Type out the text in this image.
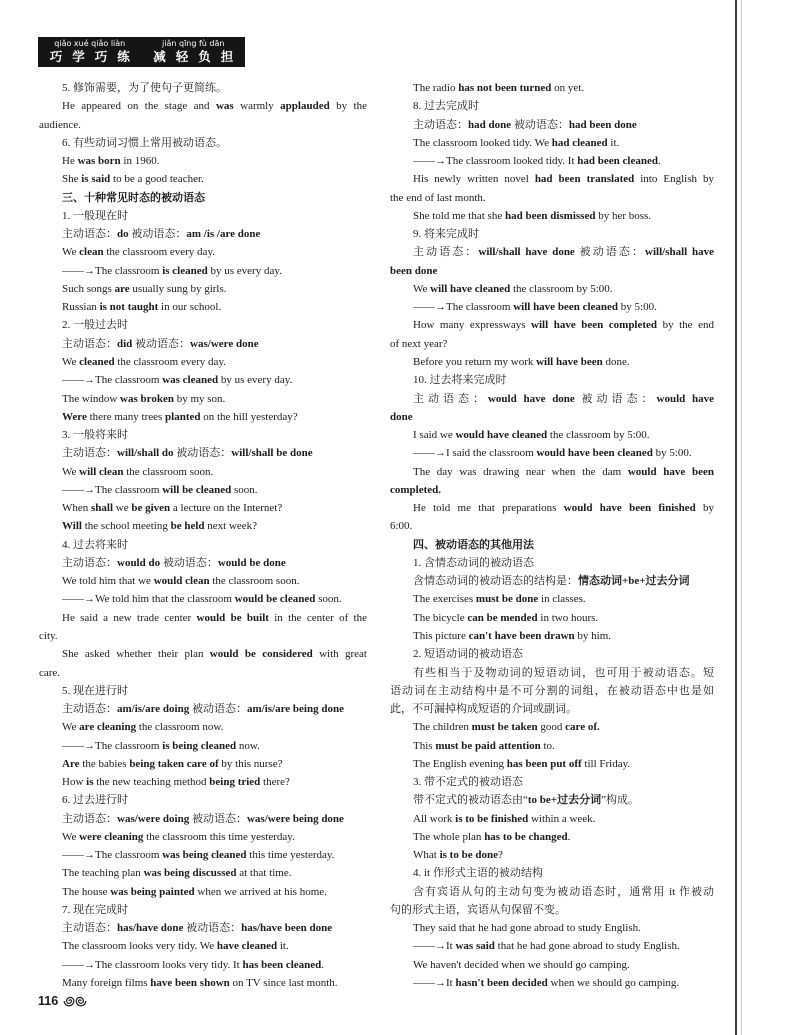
qiǎo xué qiǎo liàn
巧学巧练
jiǎn qīng fù dān
减轻负担
5. 修饰需要，为了使句子更简练。
He appeared on the stage and was warmly applauded by the
audience.
6. 有些动词习惯上常用被动语态。
He was born in 1960.
She is said to be a good teacher.
三、十种常见时态的被动语态
1. 一般现在时
主动语态：do 被动语态：am /is /are done
We clean the classroom every day.
——→The classroom is cleaned by us every day.
Such songs are usually sung by girls.
Russian is not taught in our school.
2. 一般过去时
主动语态：did 被动语态：was/were done
We cleaned the classroom every day.
——→The classroom was cleaned by us every day.
The window was broken by my son.
Were there many trees planted on the hill yesterday?
3. 一般将来时
主动语态：will/shall do 被动语态：will/shall be done
We will clean the classroom soon.
——→The classroom will be cleaned soon.
When shall we be given a lecture on the Internet?
Will the school meeting be held next week?
4. 过去将来时
主动语态：would do 被动语态：would be done
We told him that we would clean the classroom soon.
——→We told him that the classroom would be cleaned soon.
He said a new trade center would be built in the center of the
city.
She asked whether their plan would be considered with great
care.
5. 现在进行时
主动语态：am/is/are doing 被动语态：am/is/are being done
We are cleaning the classroom now.
——→The classroom is being cleaned now.
Are the babies being taken care of by this nurse?
How is the new teaching method being tried there?
6. 过去进行时
主动语态：was/were doing 被动语态：was/were being done
We were cleaning the classroom this time yesterday.
——→The classroom was being cleaned this time yesterday.
The teaching plan was being discussed at that time.
The house was being painted when we arrived at his home.
7. 现在完成时
主动语态：has/have done 被动语态：has/have been done
The classroom looks very tidy. We have cleaned it.
——→The classroom looks very tidy. It has been cleaned.
Many foreign films have been shown on TV since last month.
The radio has not been turned on yet.
8. 过去完成时
主动语态：had done 被动语态：had been done
The classroom looked tidy. We had cleaned it.
——→The classroom looked tidy. It had been cleaned.
His newly written novel had been translated into English by
the end of last month.
She told me that she had been dismissed by her boss.
9. 将来完成时
主动语态：will/shall have done 被动语态：will/shall have
been done
We will have cleaned the classroom by 5:00.
——→The classroom will have been cleaned by 5:00.
How many expressways will have been completed by the end
of next year?
Before you return my work will have been done.
10. 过去将来完成时
主动语态：would have done 被动语态：would have
done
I said we would have cleaned the classroom by 5:00.
——→I said the classroom would have been cleaned by 5:00.
The day was drawing near when the dam would have been
completed.
He told me that preparations would have been finished by
6:00.
四、被动语态的其他用法
1. 含情态动词的被动语态
含情态动词的被动语态的结构是：情态动词+be+过去分词
The exercises must be done in classes.
The bicycle can be mended in two hours.
This picture can't have been drawn by him.
2. 短语动词的被动语态
有些相当于及物动词的短语动词，也可用于被动语态。短
语动词在主动结构中是不可分割的词组，在被动语态中也是如
此，不可漏掉构成短语的介词或副词。
The children must be taken good care of.
This must be paid attention to.
The English evening has been put off till Friday.
3. 带不定式的被动语态
带不定式的被动语态由“to be+过去分词”构成。
All work is to be finished within a week.
The whole plan has to be changed.
What is to be done?
4. it 作形式主语的被动结构
含有宾语从句的主动句变为被动语态时，通常用 it 作被动
句的形式主语，宾语从句保留不变。
They said that he had gone abroad to study English.
——→It was said that he had gone abroad to study English.
We haven't decided when we should go camping.
——→It hasn't been decided when we should go camping.
116
